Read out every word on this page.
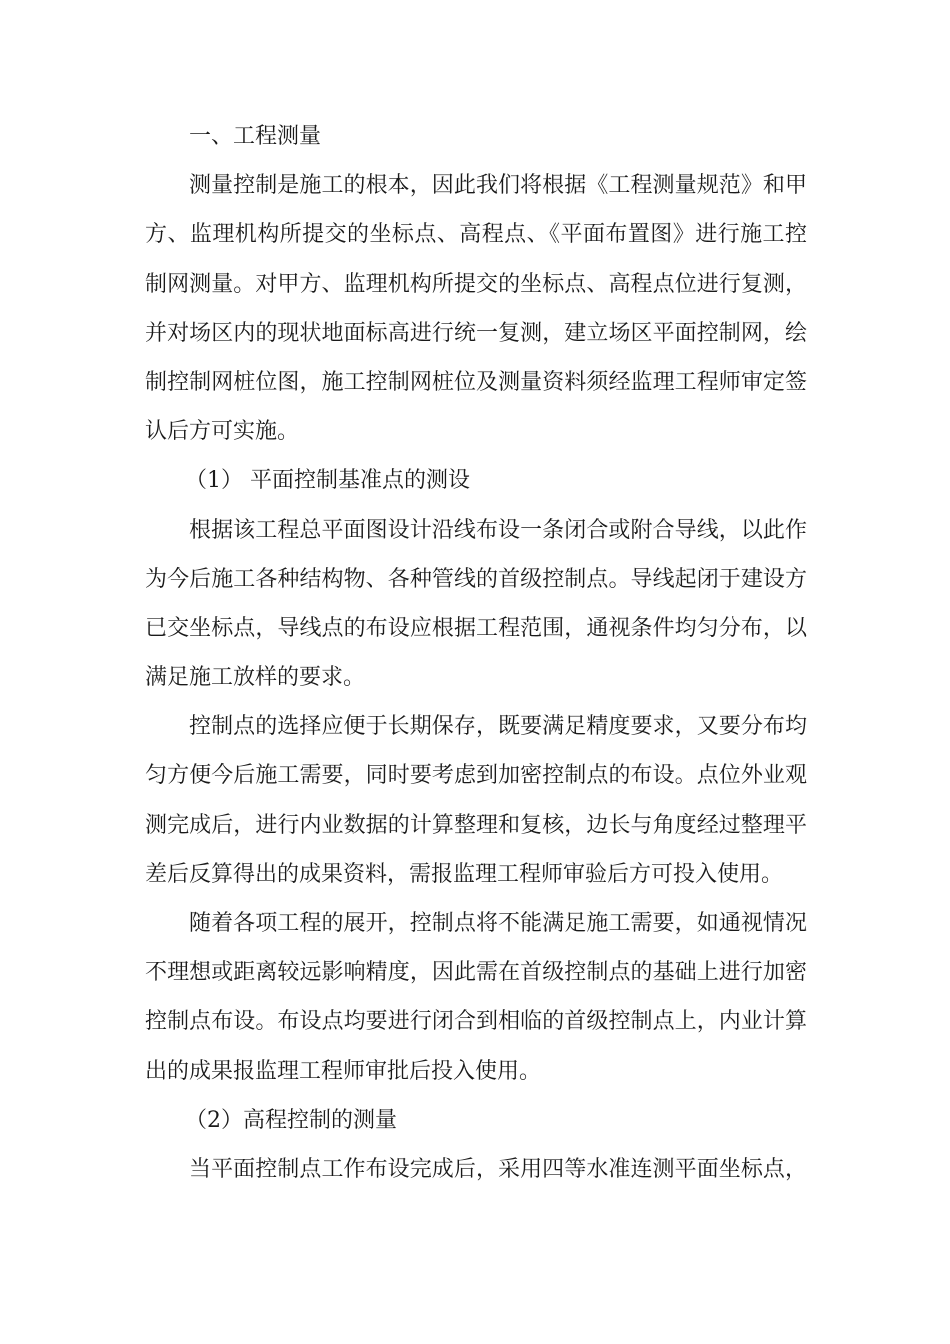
一、工程测量
测量控制是施工的根本，因此我们将根据《工程测量规范》和甲
方、监理机构所提交的坐标点、高程点、《平面布置图》进行施工控
制网测量。对甲方、监理机构所提交的坐标点、高程点位进行复测，
并对场区内的现状地面标高进行统一复测，建立场区平面控制网，绘
制控制网桩位图，施工控制网桩位及测量资料须经监理工程师审定签
认后方可实施。
（1） 平面控制基准点的测设
根据该工程总平面图设计沿线布设一条闭合或附合导线，以此作
为今后施工各种结构物、各种管线的首级控制点。导线起闭于建设方
已交坐标点，导线点的布设应根据工程范围，通视条件均匀分布，以
满足施工放样的要求。
控制点的选择应便于长期保存，既要满足精度要求，又要分布均
匀方便今后施工需要，同时要考虑到加密控制点的布设。点位外业观
测完成后，进行内业数据的计算整理和复核，边长与角度经过整理平
差后反算得出的成果资料，需报监理工程师审验后方可投入使用。
随着各项工程的展开，控制点将不能满足施工需要，如通视情况
不理想或距离较远影响精度，因此需在首级控制点的基础上进行加密
控制点布设。布设点均要进行闭合到相临的首级控制点上，内业计算
出的成果报监理工程师审批后投入使用。
（2）高程控制的测量
当平面控制点工作布设完成后，采用四等水准连测平面坐标点，
